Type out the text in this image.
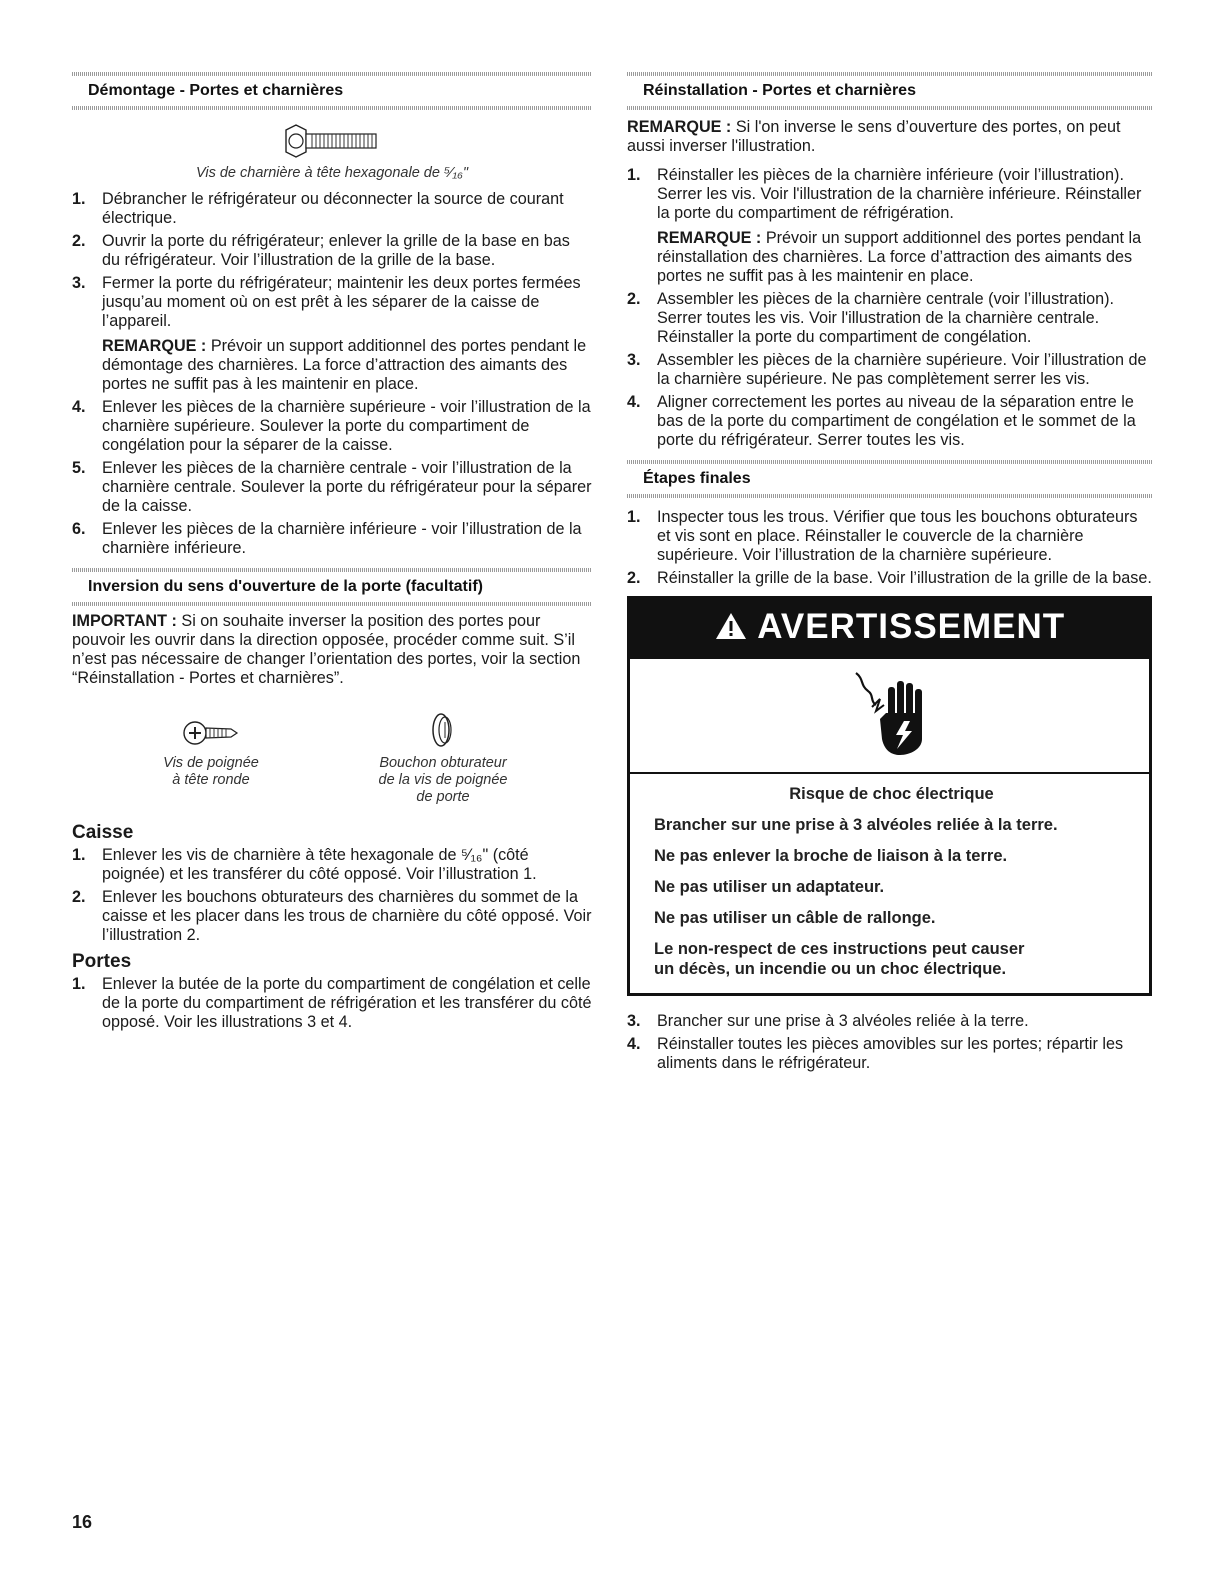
Démontage - Portes et charnières
Vis de charnière à tête hexagonale de ⁵⁄₁₆"
1. Débrancher le réfrigérateur ou déconnecter la source de courant électrique.
2. Ouvrir la porte du réfrigérateur; enlever la grille de la base en bas du réfrigérateur. Voir l’illustration de la grille de la base.
3. Fermer la porte du réfrigérateur; maintenir les deux portes fermées jusqu’au moment où on est prêt à les séparer de la caisse de l’appareil.

REMARQUE : Prévoir un support additionnel des portes pendant le démontage des charnières. La force d’attraction des aimants des portes ne suffit pas à les maintenir en place.

4. Enlever les pièces de la charnière supérieure - voir l’illustration de la charnière supérieure. Soulever la porte du compartiment de congélation pour la séparer de la caisse.
5. Enlever les pièces de la charnière centrale - voir l’illustration de la charnière centrale. Soulever la porte du réfrigérateur pour la séparer de la caisse.
6. Enlever les pièces de la charnière inférieure - voir l’illustration de la charnière inférieure.
Inversion du sens d'ouverture de la porte (facultatif)

IMPORTANT : Si on souhaite inverser la position des portes pour pouvoir les ouvrir dans la direction opposée, procéder comme suit. S’il n’est pas nécessaire de changer l’orientation des portes, voir la section “Réinstallation - Portes et charnières”.

Vis de poignée
à tête ronde
Bouchon obturateur
de la vis de poignée
de porte
Caisse
1. Enlever les vis de charnière à tête hexagonale de ⁵⁄₁₆" (côté poignée) et les transférer du côté opposé. Voir l’illustration 1.
2. Enlever les bouchons obturateurs des charnières du sommet de la caisse et les placer dans les trous de charnière du côté opposé. Voir l’illustration 2.
Portes
1. Enlever la butée de la porte du compartiment de congélation et celle de la porte du compartiment de réfrigération et les transférer du côté opposé. Voir les illustrations 3 et 4.
Réinstallation - Portes et charnières

REMARQUE : Si l'on inverse le sens d’ouverture des portes, on peut aussi inverser l'illustration.

1. Réinstaller les pièces de la charnière inférieure (voir l’illustration). Serrer les vis. Voir l'illustration de la charnière inférieure. Réinstaller la porte du compartiment de réfrigération.

REMARQUE : Prévoir un support additionnel des portes pendant la réinstallation des charnières. La force d’attraction des aimants des portes ne suffit pas à les maintenir en place.

2. Assembler les pièces de la charnière centrale (voir l’illustration). Serrer toutes les vis. Voir l'illustration de la charnière centrale. Réinstaller la porte du compartiment de congélation.
3. Assembler les pièces de la charnière supérieure. Voir l’illustration de la charnière supérieure. Ne pas complètement serrer les vis.
4. Aligner correctement les portes au niveau de la séparation entre le bas de la porte du compartiment de congélation et le sommet de la porte du réfrigérateur. Serrer toutes les vis.
Étapes finales
1. Inspecter tous les trous. Vérifier que tous les bouchons obturateurs et vis sont en place. Réinstaller le couvercle de la charnière supérieure. Voir l’illustration de la charnière supérieure.
2. Réinstaller la grille de la base. Voir l’illustration de la grille de la base.
AVERTISSEMENT

Risque de choc électrique

Brancher sur une prise à 3 alvéoles reliée à la terre.

Ne pas enlever la broche de liaison à la terre.

Ne pas utiliser un adaptateur.

Ne pas utiliser un câble de rallonge.

Le non-respect de ces instructions peut causer
un décès, un incendie ou un choc électrique.

3. Brancher sur une prise à 3 alvéoles reliée à la terre.
4. Réinstaller toutes les pièces amovibles sur les portes; répartir les aliments dans le réfrigérateur.
16
